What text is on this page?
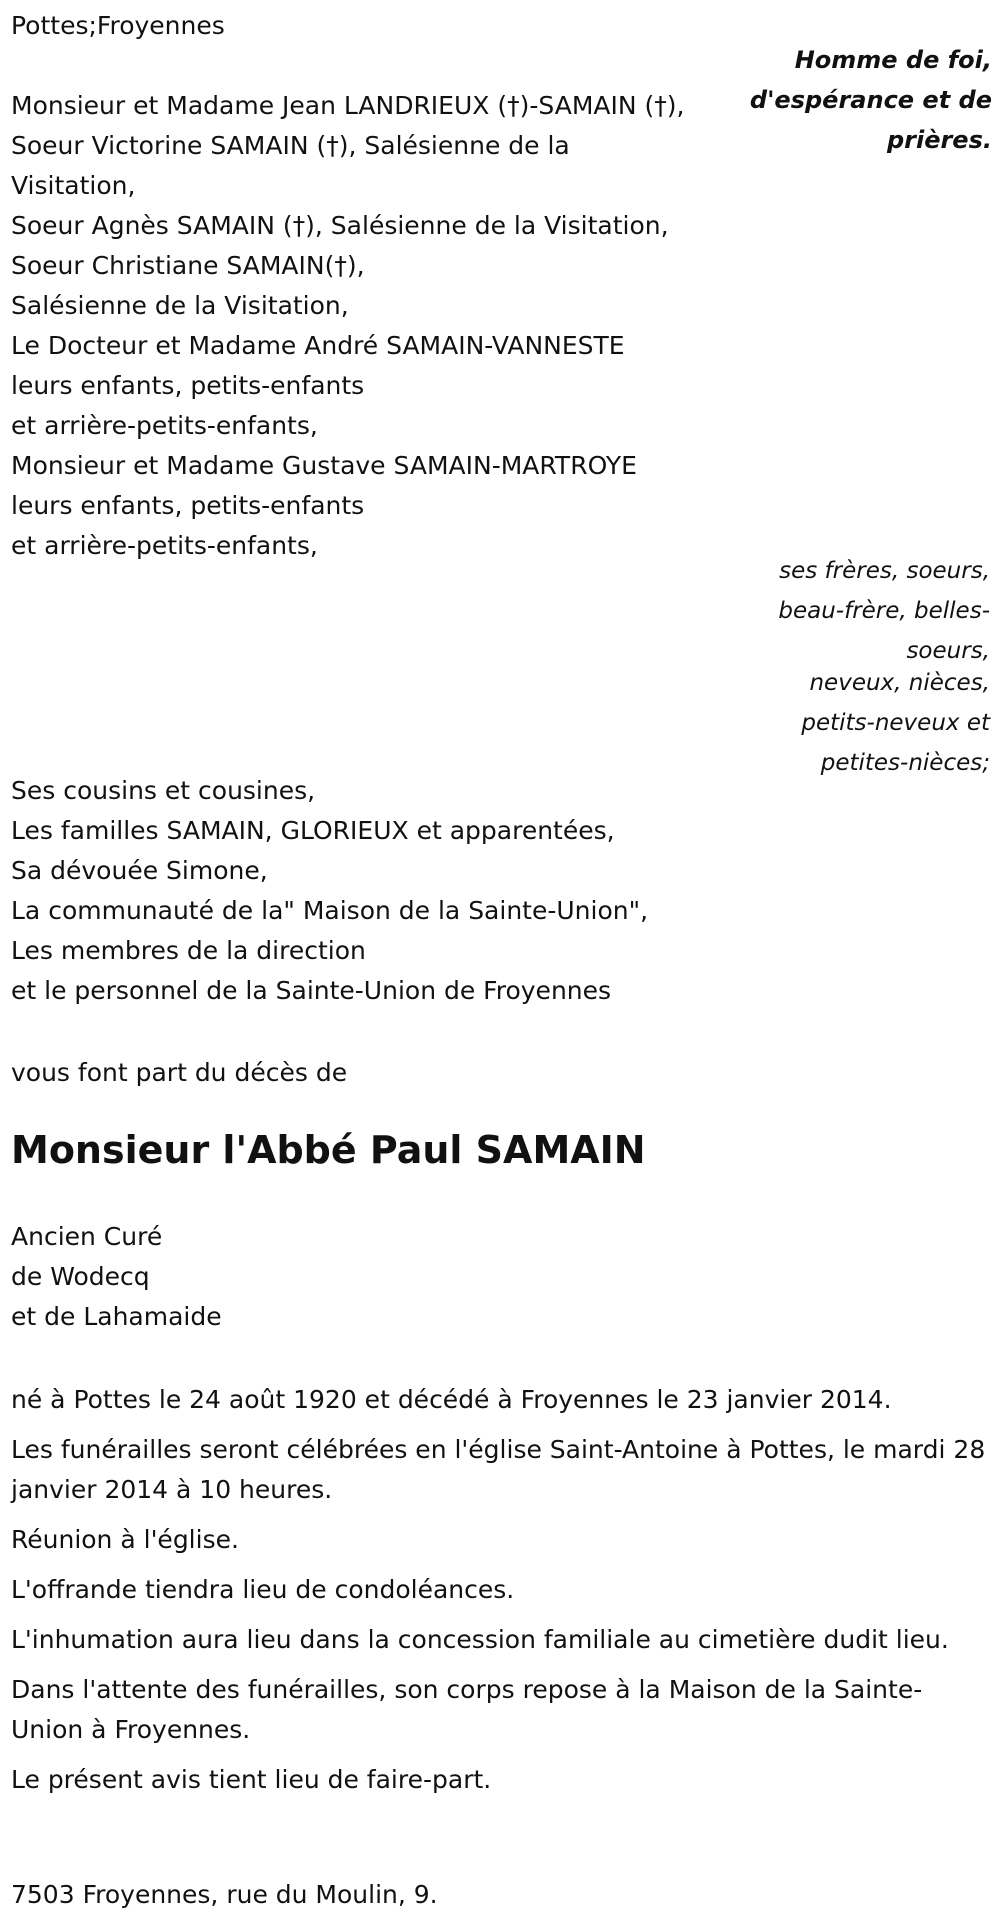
Pottes;Froyennes
Homme de foi,
d'espérance et de
prières.
Monsieur et Madame Jean LANDRIEUX (†)-SAMAIN (†),
Soeur Victorine SAMAIN (†), Salésienne de la
Visitation,
Soeur Agnès SAMAIN (†), Salésienne de la Visitation,
Soeur Christiane SAMAIN(†),
Salésienne de la Visitation,
Le Docteur et Madame André SAMAIN-VANNESTE
leurs enfants, petits-enfants
et arrière-petits-enfants,
Monsieur et Madame Gustave SAMAIN-MARTROYE
leurs enfants, petits-enfants
et arrière-petits-enfants,
ses frères, soeurs, beau-frère, belles-soeurs,
neveux, nièces, petits-neveux et petites-nièces;
Ses cousins et cousines,
Les familles SAMAIN, GLORIEUX et apparentées,
Sa dévouée Simone,
La communauté de la" Maison de la Sainte-Union",
Les membres de la direction
et le personnel de la Sainte-Union de Froyennes
vous font part du décès de
Monsieur l'Abbé Paul SAMAIN
Ancien Curé
de Wodecq
et de Lahamaide

né à Pottes le 24 août 1920 et décédé à Froyennes le 23 janvier 2014.

Les funérailles seront célébrées en l'église Saint-Antoine à Pottes, le mardi 28 janvier 2014 à 10 heures.

Réunion à l'église.

L'offrande tiendra lieu de condoléances.

L'inhumation aura lieu dans la concession familiale au cimetière dudit lieu.

Dans l'attente des funérailles, son corps repose à la Maison de la Sainte-Union à Froyennes.

Le présent avis tient lieu de faire-part.

7503 Froyennes, rue du Moulin, 9.
